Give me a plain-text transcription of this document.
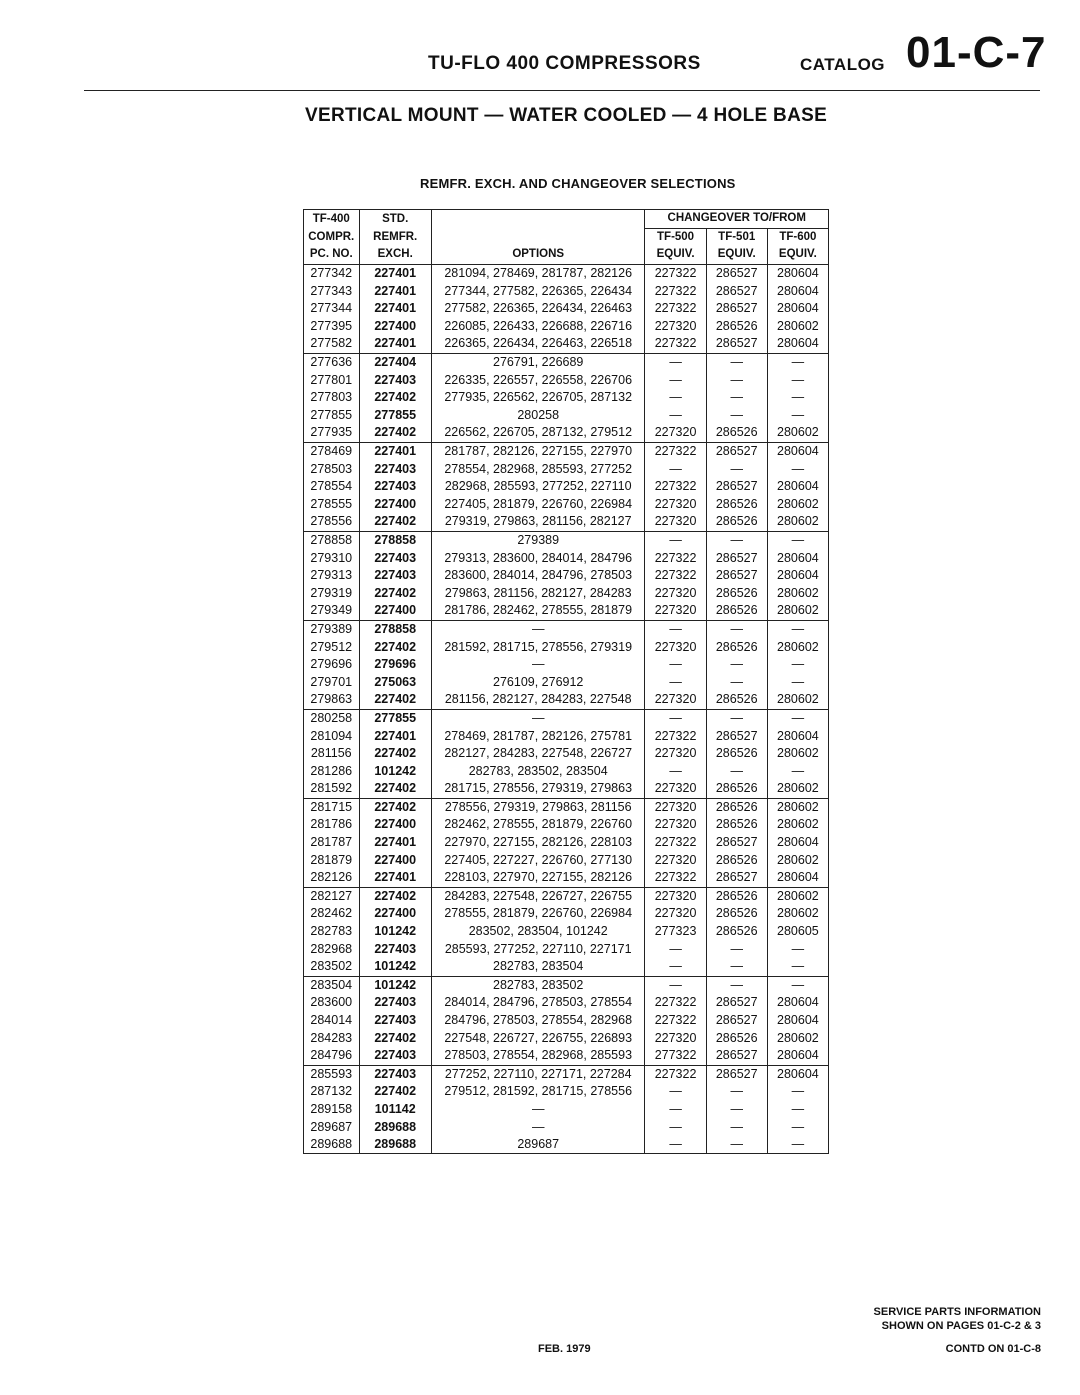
TU-FLO 400 COMPRESSORS	CATALOG 01-C-7
VERTICAL MOUNT — WATER COOLED — 4 HOLE BASE
REMFR. EXCH. AND CHANGEOVER SELECTIONS
TF-400	STD.		CHANGEOVER TO/FROM		
COMPR.	REMFR.		TF-500	TF-501	TF-600
PC. NO.	EXCH.	OPTIONS	EQUIV.	EQUIV.	EQUIV.
277342	227401	281094, 278469, 281787, 282126	227322	286527	280604
277343	227401	277344, 277582, 226365, 226434	227322	286527	280604
277344	227401	277582, 226365, 226434, 226463	227322	286527	280604
277395	227400	226085, 226433, 226688, 226716	227320	286526	280602
277582	227401	226365, 226434, 226463, 226518	227322	286527	280604
277636	227404	276791, 226689	—	—	—
277801	227403	226335, 226557, 226558, 226706	—	—	—
277803	227402	277935, 226562, 226705, 287132	—	—	—
277855	277855	280258	—	—	—
277935	227402	226562, 226705, 287132, 279512	227320	286526	280602
278469	227401	281787, 282126, 227155, 227970	227322	286527	280604
278503	227403	278554, 282968, 285593, 277252	—	—	—
278554	227403	282968, 285593, 277252, 227110	227322	286527	280604
278555	227400	227405, 281879, 226760, 226984	227320	286526	280602
278556	227402	279319, 279863, 281156, 282127	227320	286526	280602
278858	278858	279389	—	—	—
279310	227403	279313, 283600, 284014, 284796	227322	286527	280604
279313	227403	283600, 284014, 284796, 278503	227322	286527	280604
279319	227402	279863, 281156, 282127, 284283	227320	286526	280602
279349	227400	281786, 282462, 278555, 281879	227320	286526	280602
279389	278858	—	—	—	—
279512	227402	281592, 281715, 278556, 279319	227320	286526	280602
279696	279696	—	—	—	—
279701	275063	276109, 276912	—	—	—
279863	227402	281156, 282127, 284283, 227548	227320	286526	280602
280258	277855	—	—	—	—
281094	227401	278469, 281787, 282126, 275781	227322	286527	280604
281156	227402	282127, 284283, 227548, 226727	227320	286526	280602
281286	101242	282783, 283502, 283504	—	—	—
281592	227402	281715, 278556, 279319, 279863	227320	286526	280602
281715	227402	278556, 279319, 279863, 281156	227320	286526	280602
281786	227400	282462, 278555, 281879, 226760	227320	286526	280602
281787	227401	227970, 227155, 282126, 228103	227322	286527	280604
281879	227400	227405, 227227, 226760, 277130	227320	286526	280602
282126	227401	228103, 227970, 227155, 282126	227322	286527	280604
282127	227402	284283, 227548, 226727, 226755	227320	286526	280602
282462	227400	278555, 281879, 226760, 226984	227320	286526	280602
282783	101242	283502, 283504, 101242	277323	286526	280605
282968	227403	285593, 277252, 227110, 227171	—	—	—
283502	101242	282783, 283504	—	—	—
283504	101242	282783, 283502	—	—	—
283600	227403	284014, 284796, 278503, 278554	227322	286527	280604
284014	227403	284796, 278503, 278554, 282968	227322	286527	280604
284283	227402	227548, 226727, 226755, 226893	227320	286526	280602
284796	227403	278503, 278554, 282968, 285593	277322	286527	280604
285593	227403	277252, 227110, 227171, 227284	227322	286527	280604
287132	227402	279512, 281592, 281715, 278556	—	—	—
289158	101142	—	—	—	—
289687	289688	—	—	—	—
289688	289688	289687	—	—	—
SERVICE PARTS INFORMATION
SHOWN ON PAGES 01-C-2 & 3
FEB. 1979	CONTD ON 01-C-8
